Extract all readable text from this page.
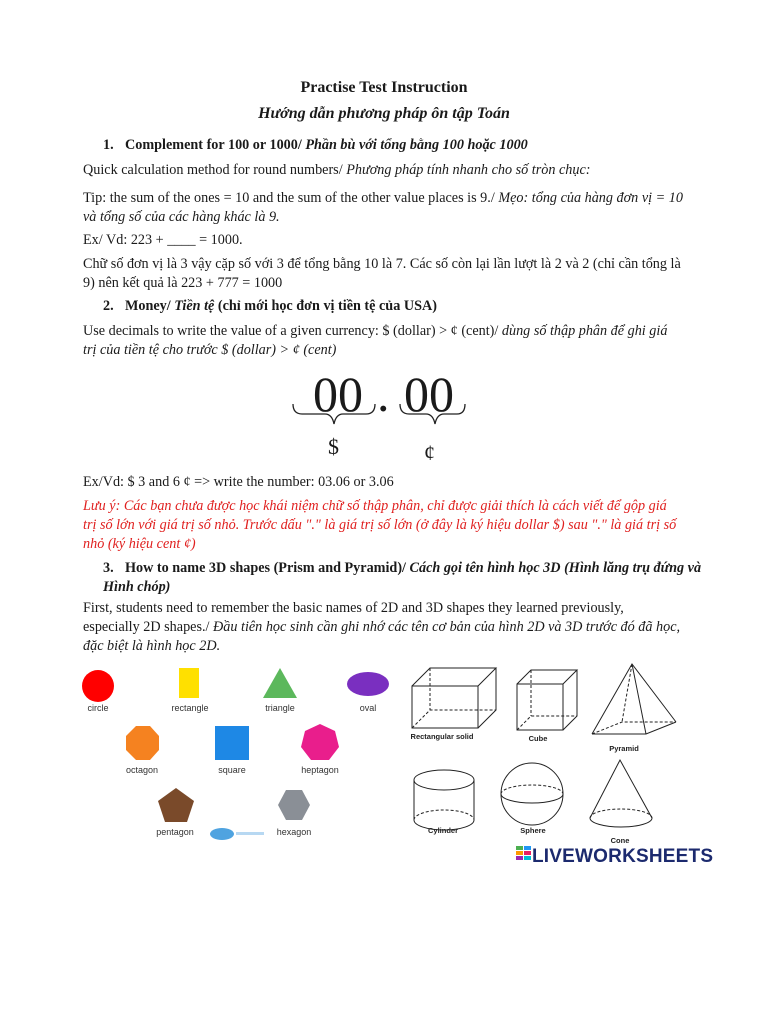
Practise Test Instruction
Hướng dẫn phương pháp ôn tập Toán
1. Complement for 100 or 1000/ Phần bù với tổng bằng 100 hoặc 1000
Quick calculation method for round numbers/ Phương pháp tính nhanh cho số tròn chục:
Tip: the sum of the ones = 10 and the sum of the other value places is 9./ Mẹo: tổng của hàng đơn vị = 10 và tổng số của các hàng khác là 9.
Ex/ Vd: 223 + ____ = 1000.
Chữ số đơn vị là 3 vậy cặp số với 3 để tổng bằng 10 là 7. Các số còn lại lần lượt là 2 và 2 (chỉ cần tổng là 9) nên kết quả là 223 + 777 = 1000
2. Money/ Tiền tệ (chỉ mới học đơn vị tiền tệ của USA)
Use decimals to write the value of a given currency: $ (dollar) > ¢ (cent)/ dùng số thập phân để ghi giá trị của tiền tệ cho trước $ (dollar) > ¢ (cent)
00 . 00
$	¢
Ex/Vd: $ 3 and 6 ¢ => write the number: 03.06 or 3.06
Lưu ý: Các bạn chưa được học khái niệm chữ số thập phân, chỉ được giải thích là cách viết để gộp giá trị số lớn với giá trị số nhỏ. Trước dấu "." là giá trị số lớn (ở đây là ký hiệu dollar $) sau "." là giá trị số nhỏ (ký hiệu cent ¢)
3. How to name 3D shapes (Prism and Pyramid)/ Cách gọi tên hình học 3D (Hình lăng trụ đứng và Hình chóp)
First, students need to remember the basic names of 2D and 3D shapes they learned previously, especially 2D shapes./ Đầu tiên học sinh cần ghi nhớ các tên cơ bản của hình 2D và 3D trước đó đã học, đặc biệt là hình học 2D.
circle	rectangle	triangle	oval
octagon	square	heptagon
pentagon	hexagon
Rectangular solid	Cube
Pyramid
Cylinder	Sphere
Cone
LIVEWORKSHEETS
